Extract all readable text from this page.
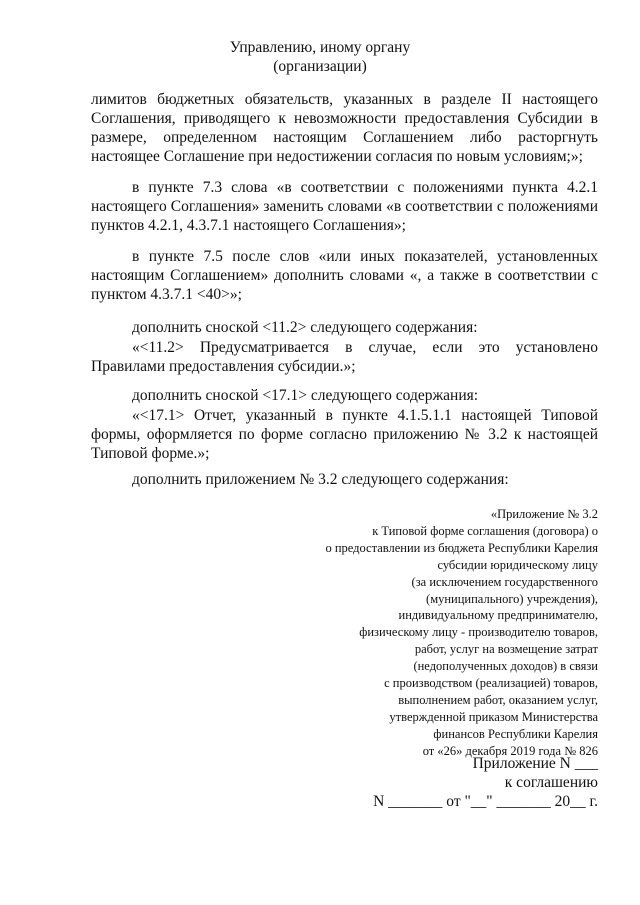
Управлению, иному органу
(организации)
лимитов бюджетных обязательств, указанных в разделе II настоящего Соглашения, приводящего к невозможности предоставления Субсидии в размере, определенном настоящим Соглашением либо расторгнуть настоящее Соглашение при недостижении согласия по новым условиям;»;
в пункте 7.3 слова «в соответствии с положениями пункта 4.2.1 настоящего Соглашения» заменить словами «в соответствии с положениями пунктов 4.2.1, 4.3.7.1 настоящего Соглашения»;
в пункте 7.5 после слов «или иных показателей, установленных настоящим Соглашением» дополнить словами «, а также в соответствии с пунктом 4.3.7.1 <40>»;
дополнить сноской <11.2> следующего содержания:
«<11.2> Предусматривается в случае, если это установлено Правилами предоставления субсидии.»;
дополнить сноской <17.1> следующего содержания:
«<17.1> Отчет, указанный в пункте 4.1.5.1.1 настоящей Типовой формы, оформляется по форме согласно приложению № 3.2 к настоящей Типовой форме.»;
дополнить приложением № 3.2 следующего содержания:
«Приложение № 3.2
к Типовой форме соглашения (договора) о
о предоставлении из бюджета Республики Карелия
субсидии юридическому лицу
(за исключением государственного
(муниципального) учреждения),
индивидуальному предпринимателю,
физическому лицу - производителю товаров,
работ, услуг на возмещение затрат
(недополученных доходов) в связи
с производством (реализацией) товаров,
выполнением работ, оказанием услуг,
утвержденной приказом Министерства
финансов Республики Карелия
от «26» декабря 2019 года № 826
Приложение N ___
к соглашению
N _______ от "__" _______ 20__ г.
